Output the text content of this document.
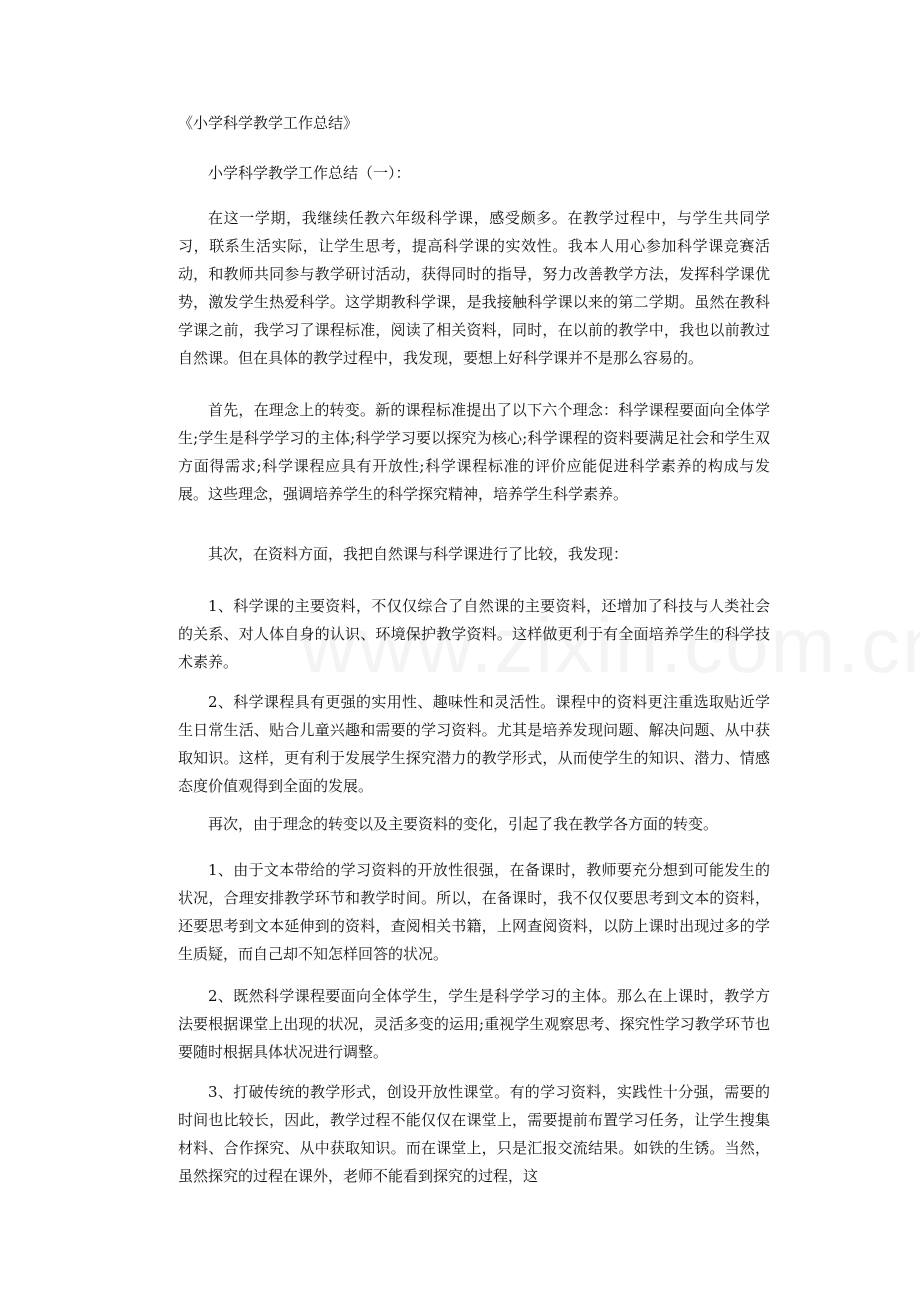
《小学科学教学工作总结》
小学科学教学工作总结（一）：

在这一学期，我继续任教六年级科学课，感受颇多。在教学过程中，与学生共同学习，联系生活实际，让学生思考，提高科学课的实效性。我本人用心参加科学课竞赛活动，和教师共同参与教学研讨活动，获得同时的指导，努力改善教学方法，发挥科学课优势，激发学生热爱科学。这学期教科学课，是我接触科学课以来的第二学期。虽然在教科学课之前，我学习了课程标准，阅读了相关资料，同时，在以前的教学中，我也以前教过自然课。但在具体的教学过程中，我发现，要想上好科学课并不是那么容易的。

首先，在理念上的转变。新的课程标准提出了以下六个理念：科学课程要面向全体学生;学生是科学学习的主体;科学学习要以探究为核心;科学课程的资料要满足社会和学生双方面得需求;科学课程应具有开放性;科学课程标准的评价应能促进科学素养的构成与发展。这些理念，强调培养学生的科学探究精神，培养学生科学素养。

其次，在资料方面，我把自然课与科学课进行了比较，我发现：

1、科学课的主要资料，不仅仅综合了自然课的主要资料，还增加了科技与人类社会的关系、对人体自身的认识、环境保护教学资料。这样做更利于有全面培养学生的科学技术素养。

2、科学课程具有更强的实用性、趣味性和灵活性。课程中的资料更注重选取贴近学生日常生活、贴合儿童兴趣和需要的学习资料。尤其是培养发现问题、解决问题、从中获取知识。这样，更有利于发展学生探究潜力的教学形式，从而使学生的知识、潜力、情感态度价值观得到全面的发展。

再次，由于理念的转变以及主要资料的变化，引起了我在教学各方面的转变。

1、由于文本带给的学习资料的开放性很强，在备课时，教师要充分想到可能发生的状况，合理安排教学环节和教学时间。所以，在备课时，我不仅仅要思考到文本的资料，还要思考到文本延伸到的资料，查阅相关书籍，上网查阅资料，以防上课时出现过多的学生质疑，而自己却不知怎样回答的状况。

2、既然科学课程要面向全体学生，学生是科学学习的主体。那么在上课时，教学方法要根据课堂上出现的状况，灵活多变的运用;重视学生观察思考、探究性学习教学环节也要随时根据具体状况进行调整。

3、打破传统的教学形式，创设开放性课堂。有的学习资料，实践性十分强，需要的时间也比较长，因此，教学过程不能仅仅在课堂上，需要提前布置学习任务，让学生搜集材料、合作探究、从中获取知识。而在课堂上，只是汇报交流结果。如铁的生锈。当然，虽然探究的过程在课外，老师不能看到探究的过程，这
